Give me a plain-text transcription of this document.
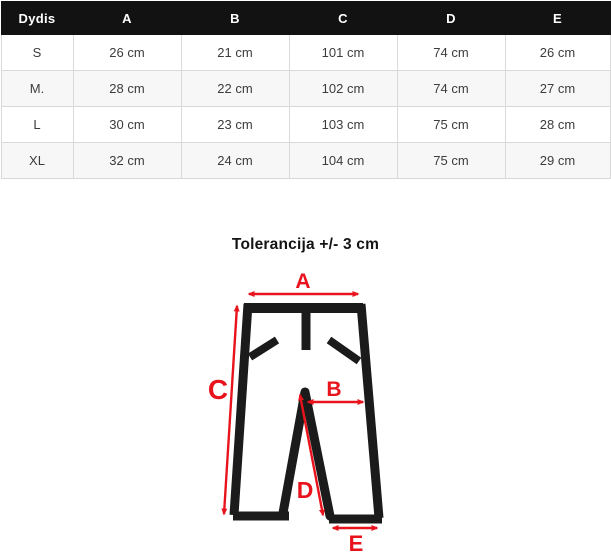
Dydis	A	B	C	D	E
S	26 cm	21 cm	101 cm	74 cm	26 cm
M.	28 cm	22 cm	102 cm	74 cm	27 cm
L	30 cm	23 cm	103 cm	75 cm	28 cm
XL	32 cm	24 cm	104 cm	75 cm	29 cm
Tolerancija +/- 3 cm
A
B
C
D
E
